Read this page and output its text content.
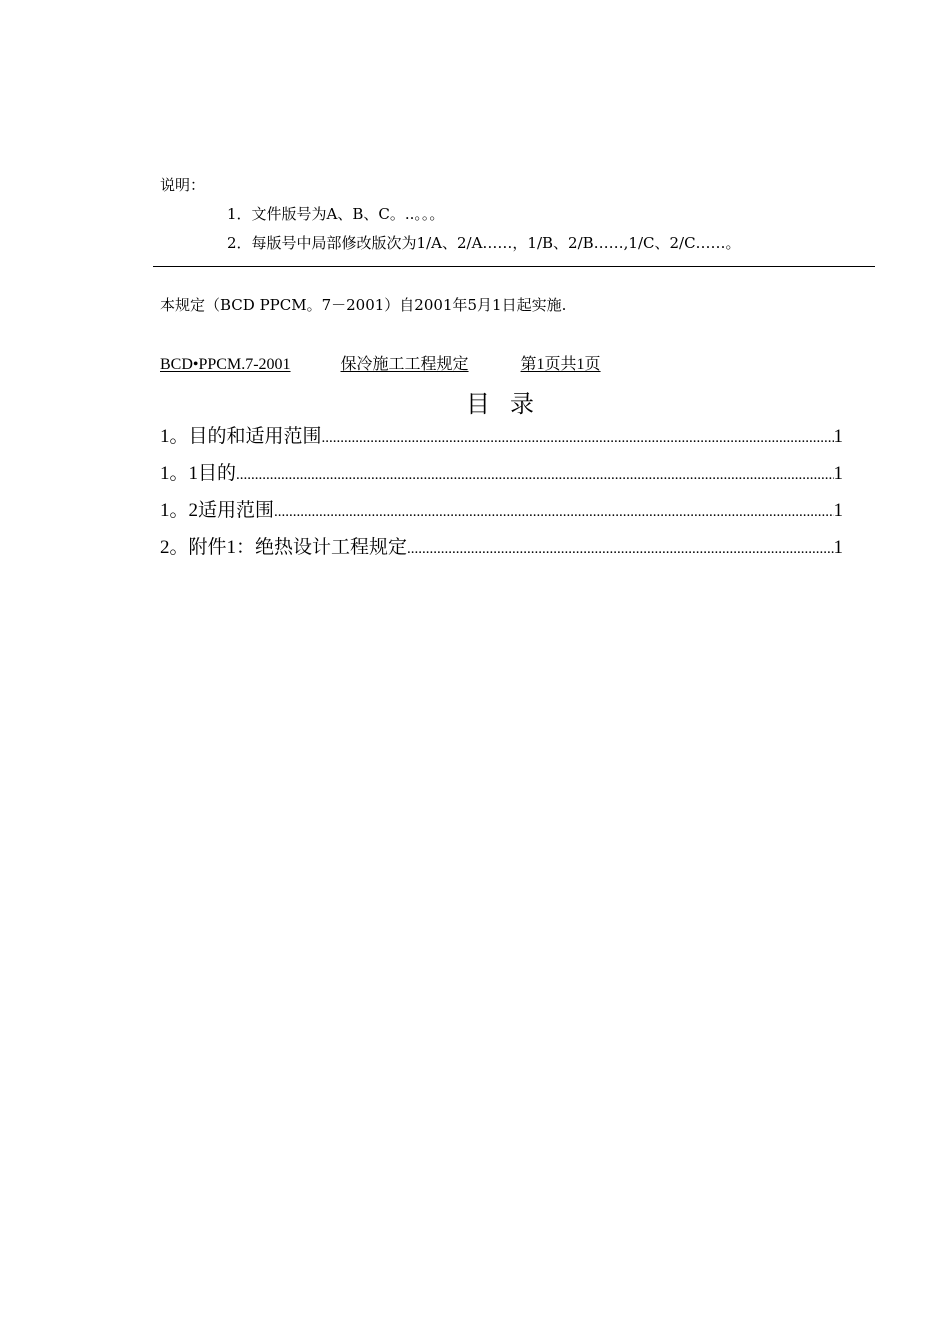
说明：
1．文件版号为A、B、C。..。。。
2．每版号中局部修改版次为1/A、2/A……，1/B、2/B……,1/C、2/C……。
本规定（BCD PPCM。7－2001）自2001年5月1日起实施.
BCD•PPCM.7-2001	保冷施工工程规定	第1页共1页
目录
1。目的和适用范围 .....	1
1。1目的 .....	1
1。2适用范围 .....	1
2。附件1：绝热设计工程规定 .....	1
